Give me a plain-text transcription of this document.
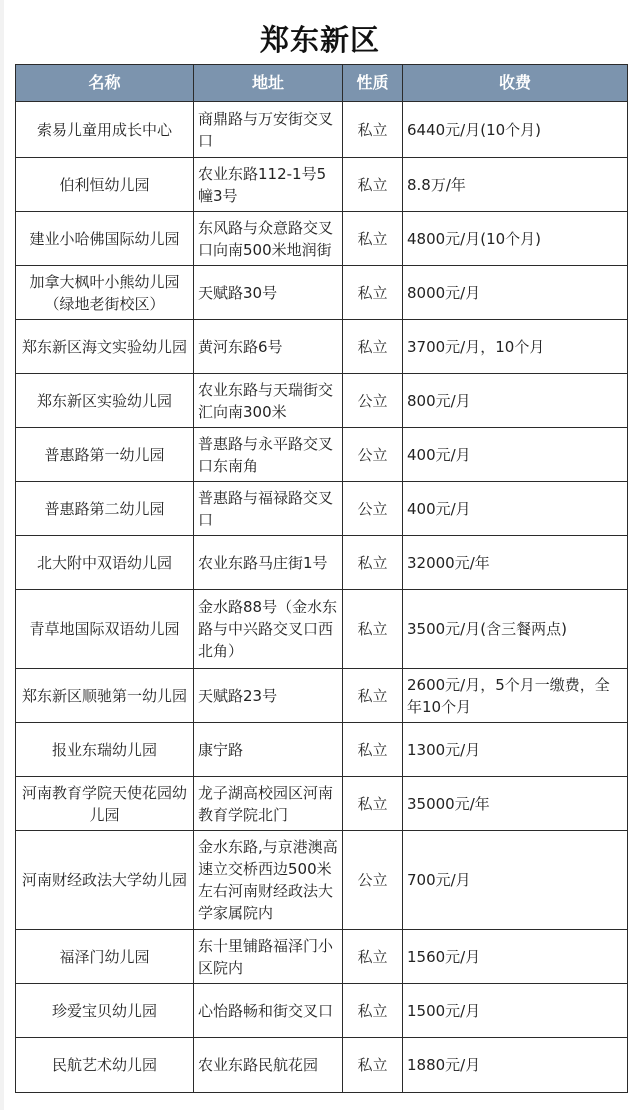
郑东新区
名称	地址	性质	收费
索易儿童用成长中心	商鼎路与万安街交叉口	私立	6440元/月(10个月)
伯利恒幼儿园	农业东路112-1号5幢3号	私立	8.8万/年
建业小哈佛国际幼儿园	东风路与众意路交叉口向南500米地润街	私立	4800元/月(10个月)
加拿大枫叶小熊幼儿园（绿地老街校区）	天赋路30号	私立	8000元/月
郑东新区海文实验幼儿园	黄河东路6号	私立	3700元/月，10个月
郑东新区实验幼儿园	农业东路与天瑞街交汇向南300米	公立	800元/月
普惠路第一幼儿园	普惠路与永平路交叉口东南角	公立	400元/月
普惠路第二幼儿园	普惠路与福禄路交叉口	公立	400元/月
北大附中双语幼儿园	农业东路马庄街1号	私立	32000元/年
青草地国际双语幼儿园	金水路88号（金水东路与中兴路交叉口西北角）	私立	3500元/月(含三餐两点)
郑东新区顺驰第一幼儿园	天赋路23号	私立	2600元/月，5个月一缴费，全年10个月
报业东瑞幼儿园	康宁路	私立	1300元/月
河南教育学院天使花园幼儿园	龙子湖高校园区河南教育学院北门	私立	35000元/年
河南财经政法大学幼儿园	金水东路,与京港澳高速立交桥西边500米左右河南财经政法大学家属院内	公立	700元/月
福泽门幼儿园	东十里铺路福泽门小区院内	私立	1560元/月
珍爱宝贝幼儿园	心怡路畅和街交叉口	私立	1500元/月
民航艺术幼儿园	农业东路民航花园	私立	1880元/月
